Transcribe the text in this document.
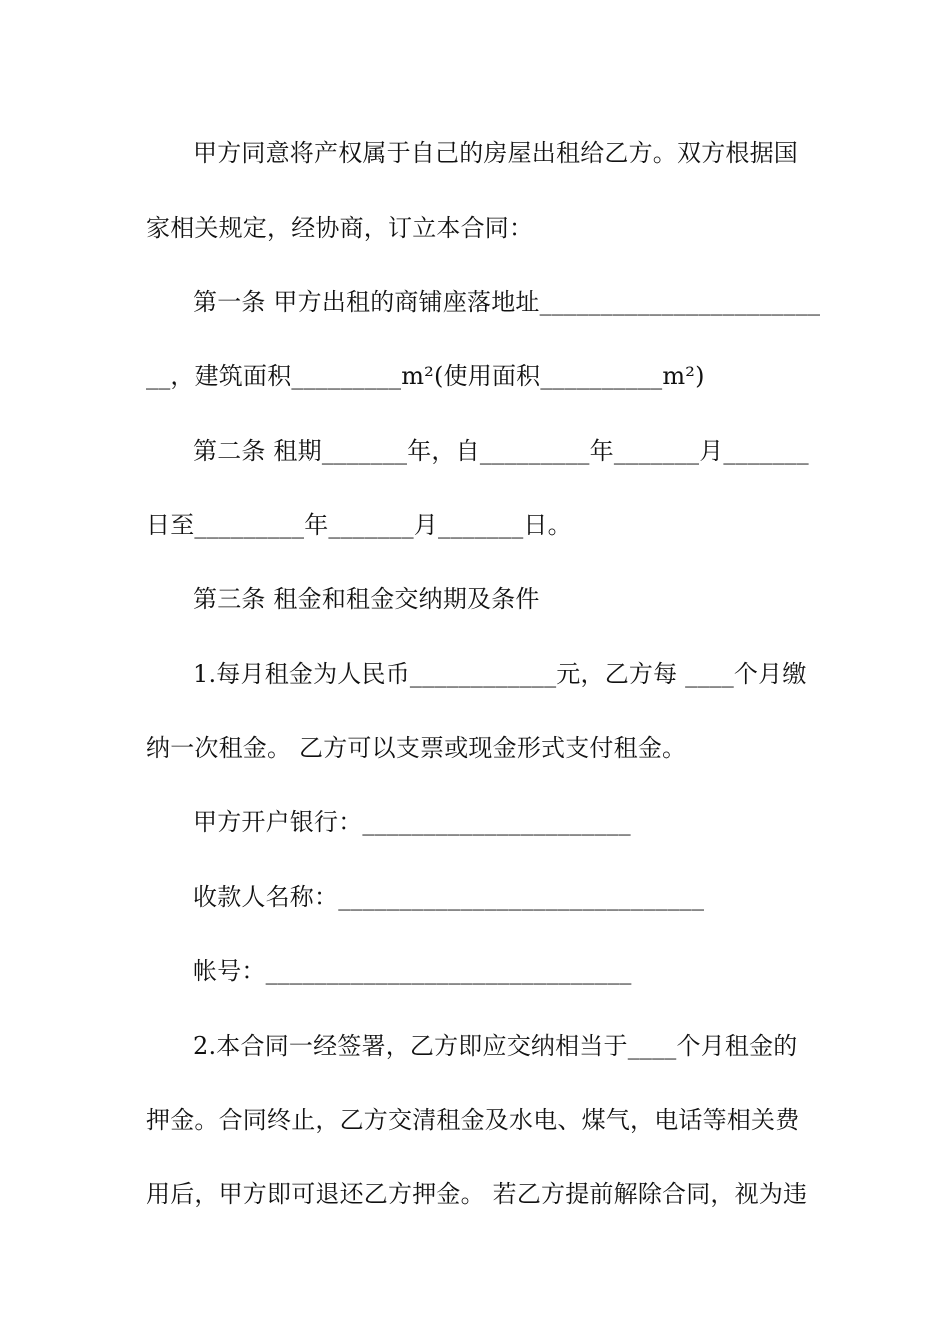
甲方同意将产权属于自己的房屋出租给乙方。双方根据国
家相关规定，经协商，订立本合同：
第一条 甲方出租的商铺座落地址_______________________
__，建筑面积_________m²(使用面积__________m²)
第二条 租期_______年，自_________年_______月_______
日至_________年_______月_______日。
第三条 租金和租金交纳期及条件
1.每月租金为人民币____________元，乙方每 ____个月缴
纳一次租金。 乙方可以支票或现金形式支付租金。
甲方开户银行：______________________
收款人名称：______________________________
帐号：______________________________
2.本合同一经签署，乙方即应交纳相当于____个月租金的
押金。合同终止，乙方交清租金及水电、煤气，电话等相关费
用后，甲方即可退还乙方押金。 若乙方提前解除合同，视为违
